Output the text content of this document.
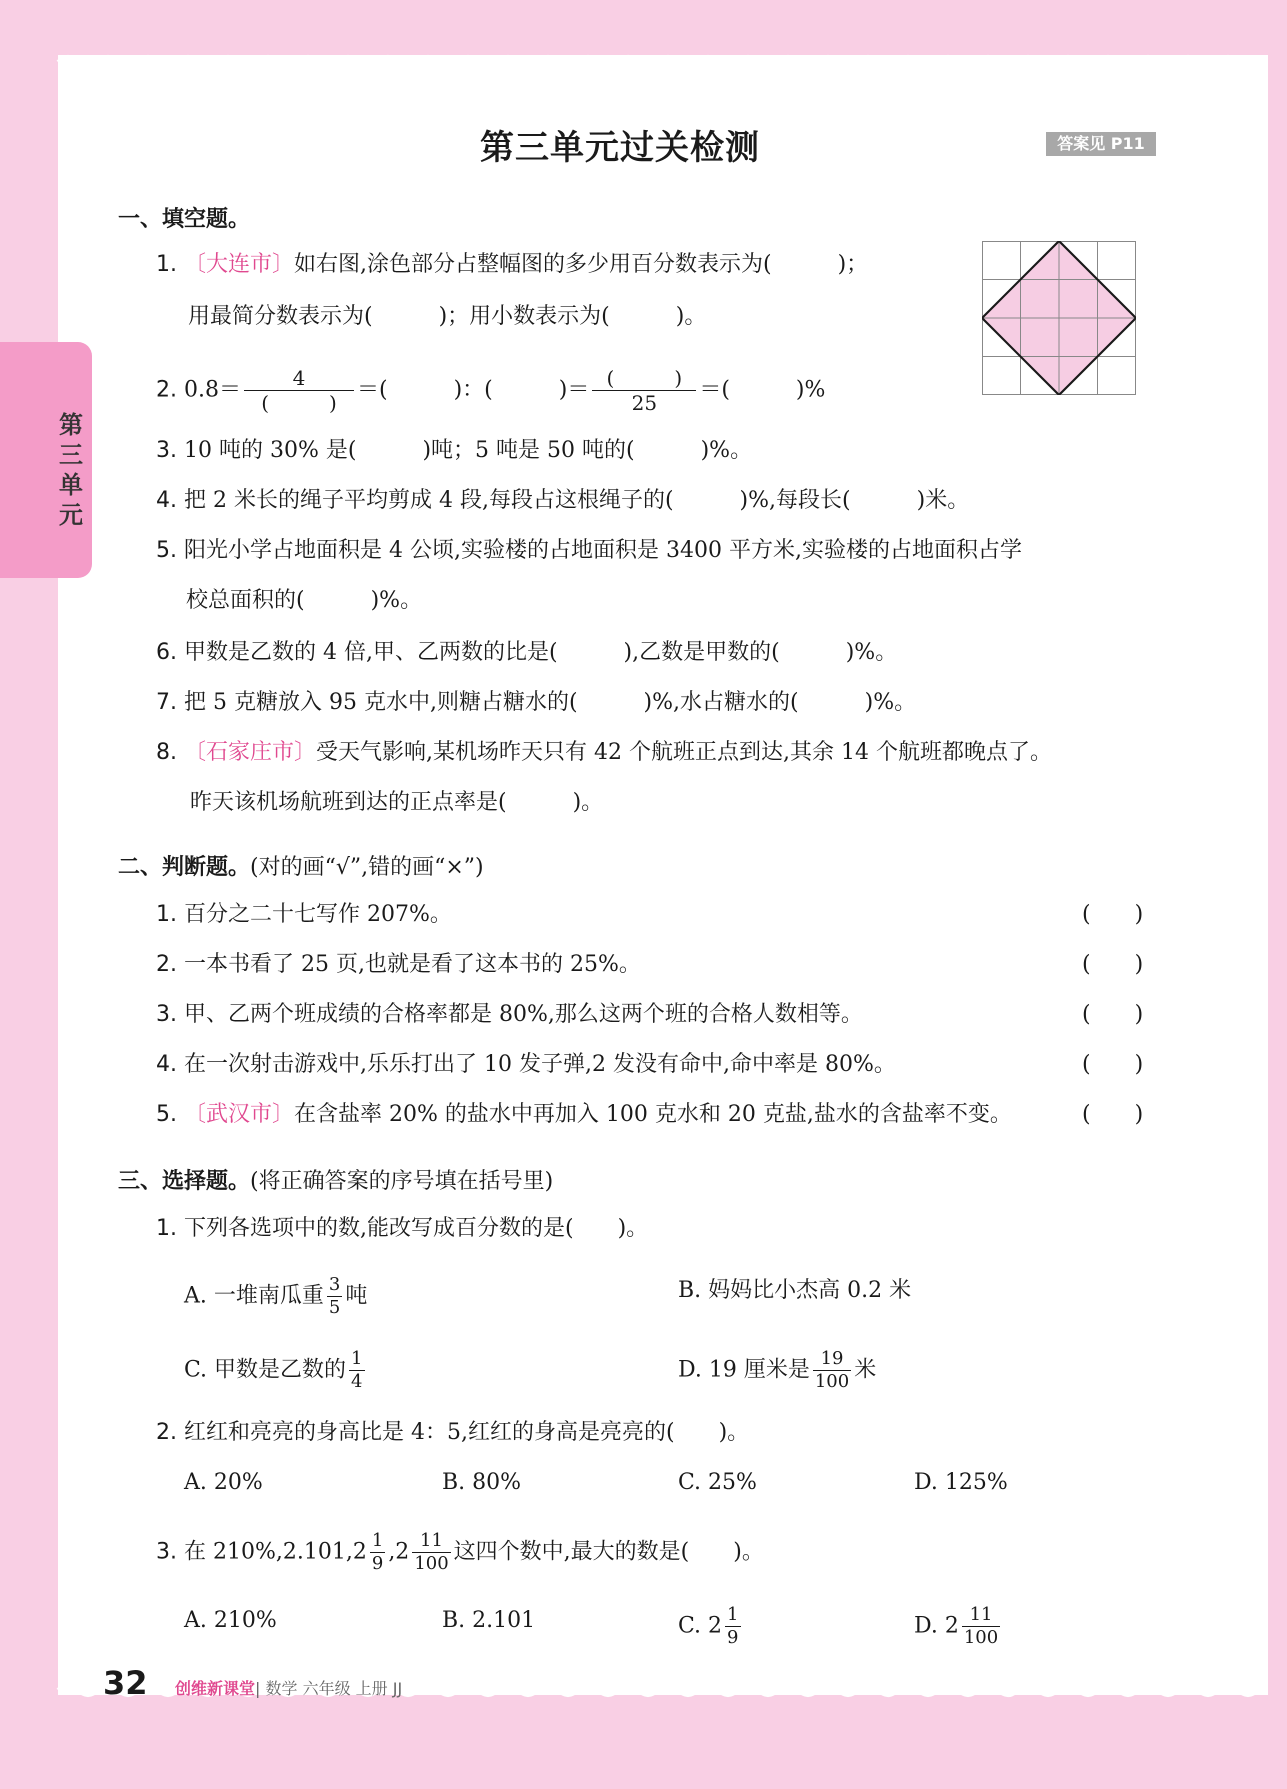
第三单元
第三单元过关检测	答案见 P11
一、填空题。
1. 〔大连市〕如右图,涂色部分占整幅图的多少用百分数表示为(　　　)；
用最简分数表示为(　　　)；用小数表示为(　　　)。
2. $0.8= \frac{4}{( )}$ ＝(　　　)：(　　　)＝ $\frac{( )}{25}$ ＝(　　　)%
3. 10 吨的 30% 是(　　　)吨；5 吨是 50 吨的(　　　)%。
4. 把 2 米长的绳子平均剪成 4 段,每段占这根绳子的(　　　)%,每段长(　　　)米。
5. 阳光小学占地面积是 4 公顷,实验楼的占地面积是 3400 平方米,实验楼的占地面积占学
校总面积的(　　　)%。
6. 甲数是乙数的 4 倍,甲、乙两数的比是(　　　),乙数是甲数的(　　　)%。
7. 把 5 克糖放入 95 克水中,则糖占糖水的(　　　)%,水占糖水的(　　　)%。
8. 〔石家庄市〕受天气影响,某机场昨天只有 42 个航班正点到达,其余 14 个航班都晚点了。
昨天该机场航班到达的正点率是(　　　)。
二、判断题。(对的画“√”,错的画“×”)
1. 百分之二十七写作 207%。	(　　)
2. 一本书看了 25 页,也就是看了这本书的 25%。	(　　)
3. 甲、乙两个班成绩的合格率都是 80%,那么这两个班的合格人数相等。	(　　)
4. 在一次射击游戏中,乐乐打出了 10 发子弹,2 发没有命中,命中率是 80%。	(　　)
5. 〔武汉市〕在含盐率 20% 的盐水中再加入 100 克水和 20 克盐,盐水的含盐率不变。	(　　)
三、选择题。(将正确答案的序号填在括号里)
1. 下列各选项中的数,能改写成百分数的是(　　)。
A. 一堆南瓜重 $\frac{3}{5}$ 吨	B. 妈妈比小杰高 0.2 米
C. 甲数是乙数的 $\frac{1}{4}$	D. 19 厘米是 $\frac{19}{100}$ 米
2. 红红和亮亮的身高比是 4：5,红红的身高是亮亮的(　　)。
A. 20%	B. 80%	C. 25%	D. 125%
3. 在 $210\%,2.101,2 \frac{1}{9} ,2 \frac{11}{100}$ 这四个数中,最大的数是(　　)。
A. 210%	B. 2.101	C. $2 \frac{1}{9}$	D. $2 \frac{11}{100}$
32 创维新课堂| 数学 六年级 上册 JJ
